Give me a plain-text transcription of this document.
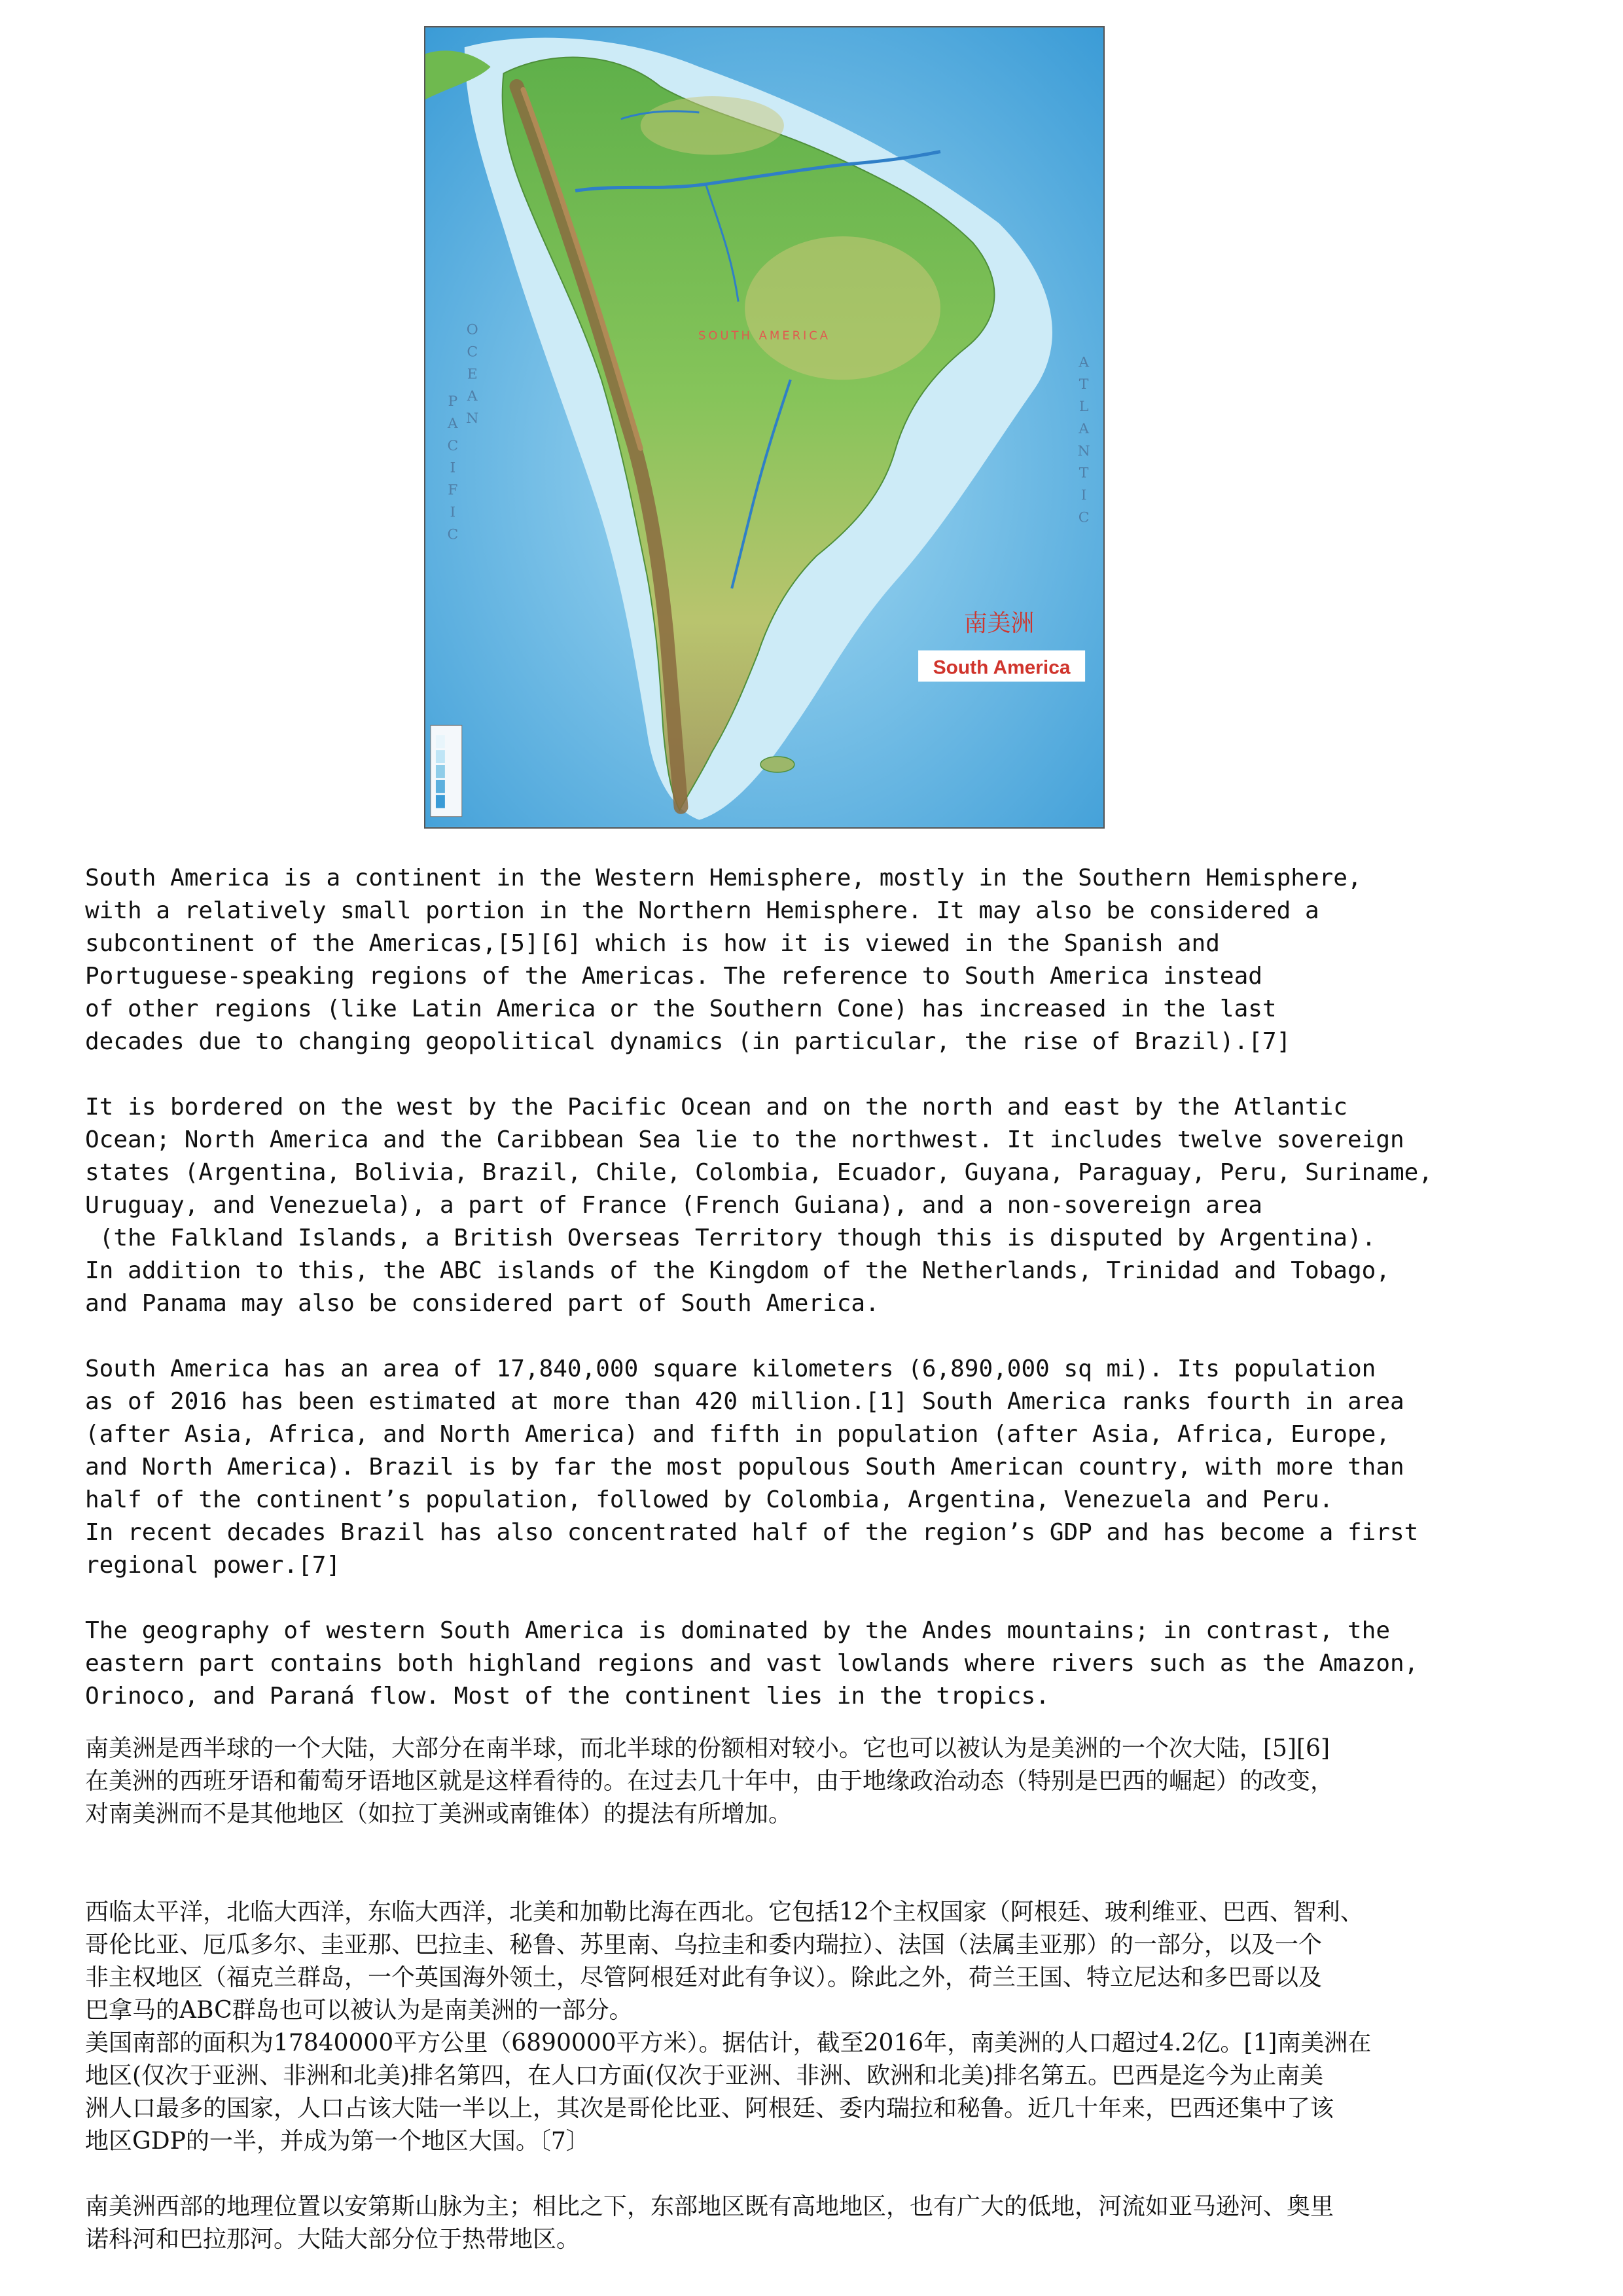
P
A
C
I
F
I
C
O
C
E
A
N
A
T
L
A
N
T
I
C
SOUTH AMERICA
南美洲
South America

South America is a continent in the Western Hemisphere, mostly in the Southern Hemisphere,
with a relatively small portion in the Northern Hemisphere. It may also be considered a
subcontinent of the Americas,[5][6] which is how it is viewed in the Spanish and
Portuguese-speaking regions of the Americas. The reference to South America instead
of other regions (like Latin America or the Southern Cone) has increased in the last
decades due to changing geopolitical dynamics (in particular, the rise of Brazil).[7]

It is bordered on the west by the Pacific Ocean and on the north and east by the Atlantic
Ocean; North America and the Caribbean Sea lie to the northwest. It includes twelve sovereign
states (Argentina, Bolivia, Brazil, Chile, Colombia, Ecuador, Guyana, Paraguay, Peru, Suriname,
Uruguay, and Venezuela), a part of France (French Guiana), and a non-sovereign area
(the Falkland Islands, a British Overseas Territory though this is disputed by Argentina).
In addition to this, the ABC islands of the Kingdom of the Netherlands, Trinidad and Tobago,
and Panama may also be considered part of South America.

South America has an area of 17,840,000 square kilometers (6,890,000 sq mi). Its population
as of 2016 has been estimated at more than 420 million.[1] South America ranks fourth in area
(after Asia, Africa, and North America) and fifth in population (after Asia, Africa, Europe,
and North America). Brazil is by far the most populous South American country, with more than
half of the continent’s population, followed by Colombia, Argentina, Venezuela and Peru.
In recent decades Brazil has also concentrated half of the region’s GDP and has become a first
regional power.[7]

The geography of western South America is dominated by the Andes mountains; in contrast, the
eastern part contains both highland regions and vast lowlands where rivers such as the Amazon,
Orinoco, and Paraná flow. Most of the continent lies in the tropics.

南美洲是西半球的一个大陆，大部分在南半球，而北半球的份额相对较小。它也可以被认为是美洲的一个次大陆，[5][6]
在美洲的西班牙语和葡萄牙语地区就是这样看待的。在过去几十年中，由于地缘政治动态（特别是巴西的崛起）的改变，
对南美洲而不是其他地区（如拉丁美洲或南锥体）的提法有所增加。

西临太平洋，北临大西洋，东临大西洋，北美和加勒比海在西北。它包括12个主权国家（阿根廷、玻利维亚、巴西、智利、
哥伦比亚、厄瓜多尔、圭亚那、巴拉圭、秘鲁、苏里南、乌拉圭和委内瑞拉）、法国（法属圭亚那）的一部分，以及一个
非主权地区（福克兰群岛，一个英国海外领土，尽管阿根廷对此有争议）。除此之外，荷兰王国、特立尼达和多巴哥以及
巴拿马的ABC群岛也可以被认为是南美洲的一部分。

美国南部的面积为17840000平方公里（6890000平方米）。据估计，截至2016年，南美洲的人口超过4.2亿。[1]南美洲在
地区(仅次于亚洲、非洲和北美)排名第四，在人口方面(仅次于亚洲、非洲、欧洲和北美)排名第五。巴西是迄今为止南美
洲人口最多的国家，人口占该大陆一半以上，其次是哥伦比亚、阿根廷、委内瑞拉和秘鲁。近几十年来，巴西还集中了该
地区GDP的一半，并成为第一个地区大国。〔7〕

南美洲西部的地理位置以安第斯山脉为主；相比之下，东部地区既有高地地区，也有广大的低地，河流如亚马逊河、奥里
诺科河和巴拉那河。大陆大部分位于热带地区。
